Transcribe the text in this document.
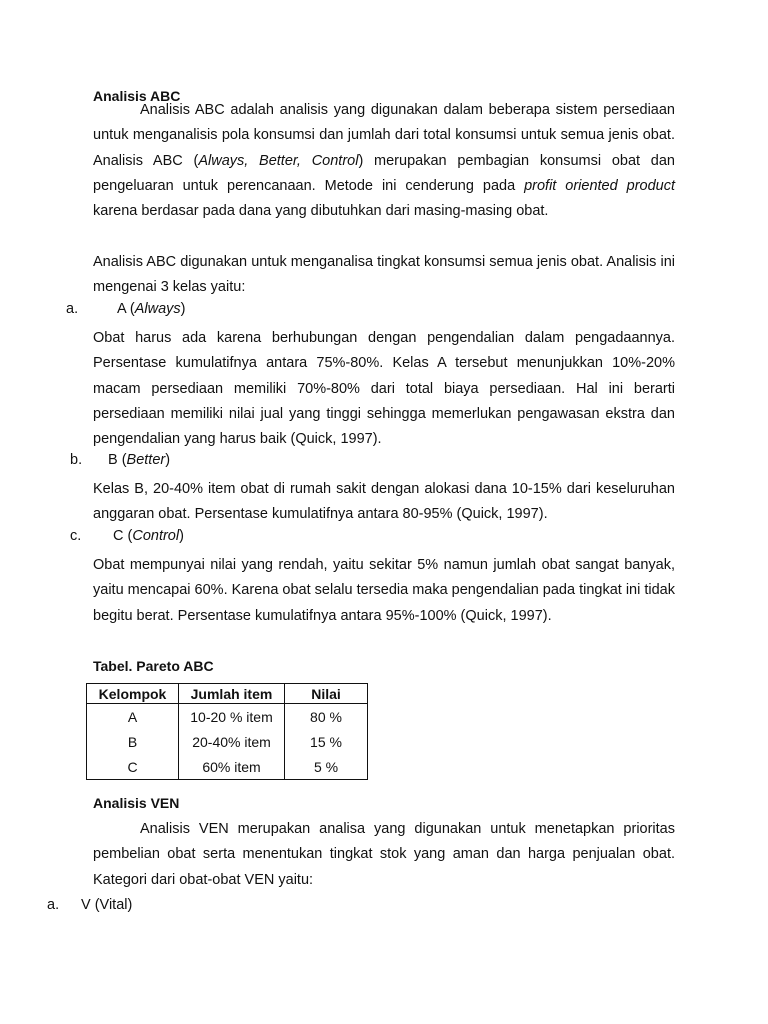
Analisis ABC
Analisis ABC adalah analisis yang digunakan dalam beberapa sistem persediaan untuk menganalisis pola konsumsi dan jumlah dari total konsumsi untuk semua jenis obat. Analisis ABC (Always, Better, Control) merupakan pembagian konsumsi obat dan pengeluaran untuk perencanaan. Metode ini cenderung pada profit oriented product karena berdasar pada dana yang dibutuhkan dari masing-masing obat.
Analisis ABC digunakan untuk menganalisa tingkat konsumsi semua jenis obat. Analisis ini mengenai 3 kelas yaitu:
a.	A (Always)
Obat harus ada karena berhubungan dengan pengendalian dalam pengadaannya. Persentase kumulatifnya antara 75%-80%. Kelas A tersebut menunjukkan 10%-20% macam persediaan memiliki 70%-80% dari total biaya persediaan. Hal ini berarti persediaan memiliki nilai jual yang tinggi sehingga memerlukan pengawasan ekstra dan pengendalian yang harus baik (Quick, 1997).
b. B (Better)
Kelas B, 20-40% item obat di rumah sakit dengan alokasi dana 10-15% dari keseluruhan anggaran obat. Persentase kumulatifnya antara 80-95% (Quick, 1997).
c. C (Control)
Obat mempunyai nilai yang rendah, yaitu sekitar 5% namun jumlah obat sangat banyak, yaitu mencapai 60%. Karena obat selalu tersedia maka pengendalian pada tingkat ini tidak begitu berat. Persentase kumulatifnya antara 95%-100% (Quick, 1997).
Tabel. Pareto ABC
Kelompok	Jumlah item	Nilai
A	10-20 % item	80 %
B	20-40% item	15 %
C	60% item	5 %
Analisis VEN
Analisis VEN merupakan analisa yang digunakan untuk menetapkan prioritas pembelian obat serta menentukan tingkat stok yang aman dan harga penjualan obat. Kategori dari obat-obat VEN yaitu:
a. V (Vital)
